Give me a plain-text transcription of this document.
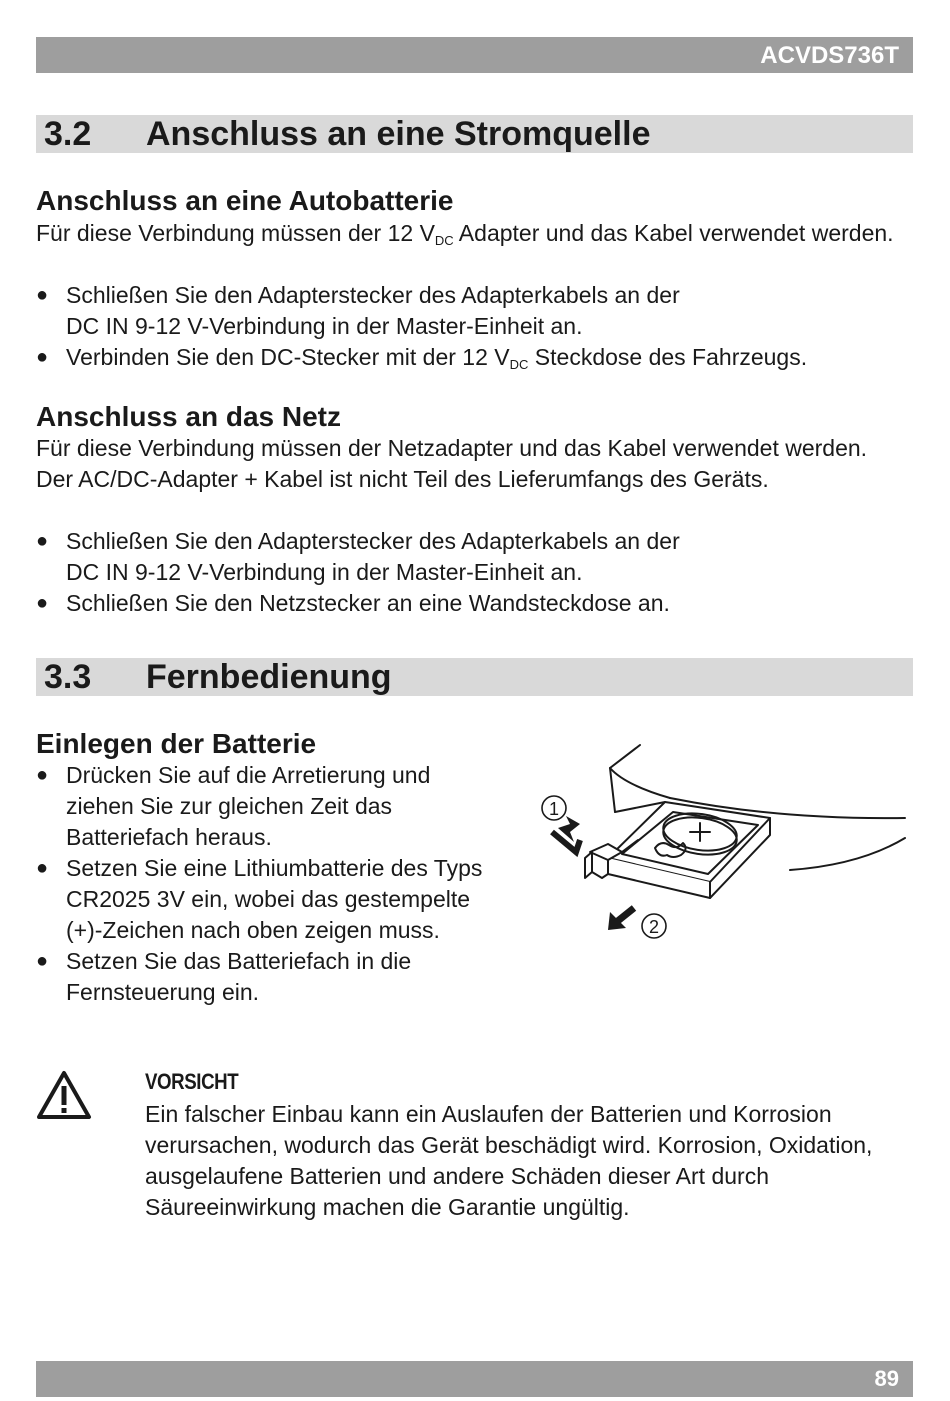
ACVDS736T
3.2 Anschluss an eine Stromquelle
Anschluss an eine Autobatterie
Für diese Verbindung müssen der 12 $V_{DC}$ Adapter und das Kabel verwendet werden.
● Schließen Sie den Adapterstecker des Adapterkabels an der
DC IN 9-12 V-Verbindung in der Master-Einheit an.
● Verbinden Sie den DC-Stecker mit der 12 $V_{DC}$ Steckdose des Fahrzeugs.
Anschluss an das Netz
Für diese Verbindung müssen der Netzadapter und das Kabel verwendet werden. Der AC/DC-Adapter + Kabel ist nicht Teil des Lieferumfangs des Geräts.
● Schließen Sie den Adapterstecker des Adapterkabels an der
DC IN 9-12 V-Verbindung in der Master-Einheit an.
● Schließen Sie den Netzstecker an eine Wandsteckdose an.
3.3 Fernbedienung
Einlegen der Batterie
● Drücken Sie auf die Arretierung und ziehen Sie zur gleichen Zeit das Batteriefach heraus.
● Setzen Sie eine Lithiumbatterie des Typs CR2025 3V ein, wobei das gestempelte (+)-Zeichen nach oben zeigen muss.
● Setzen Sie das Batteriefach in die Fernsteuerung ein.
1
2
VORSICHT
Ein falscher Einbau kann ein Auslaufen der Batterien und Korrosion verursachen, wodurch das Gerät beschädigt wird. Korrosion, Oxidation, ausgelaufene Batterien und andere Schäden dieser Art durch Säureeinwirkung machen die Garantie ungültig.
89
